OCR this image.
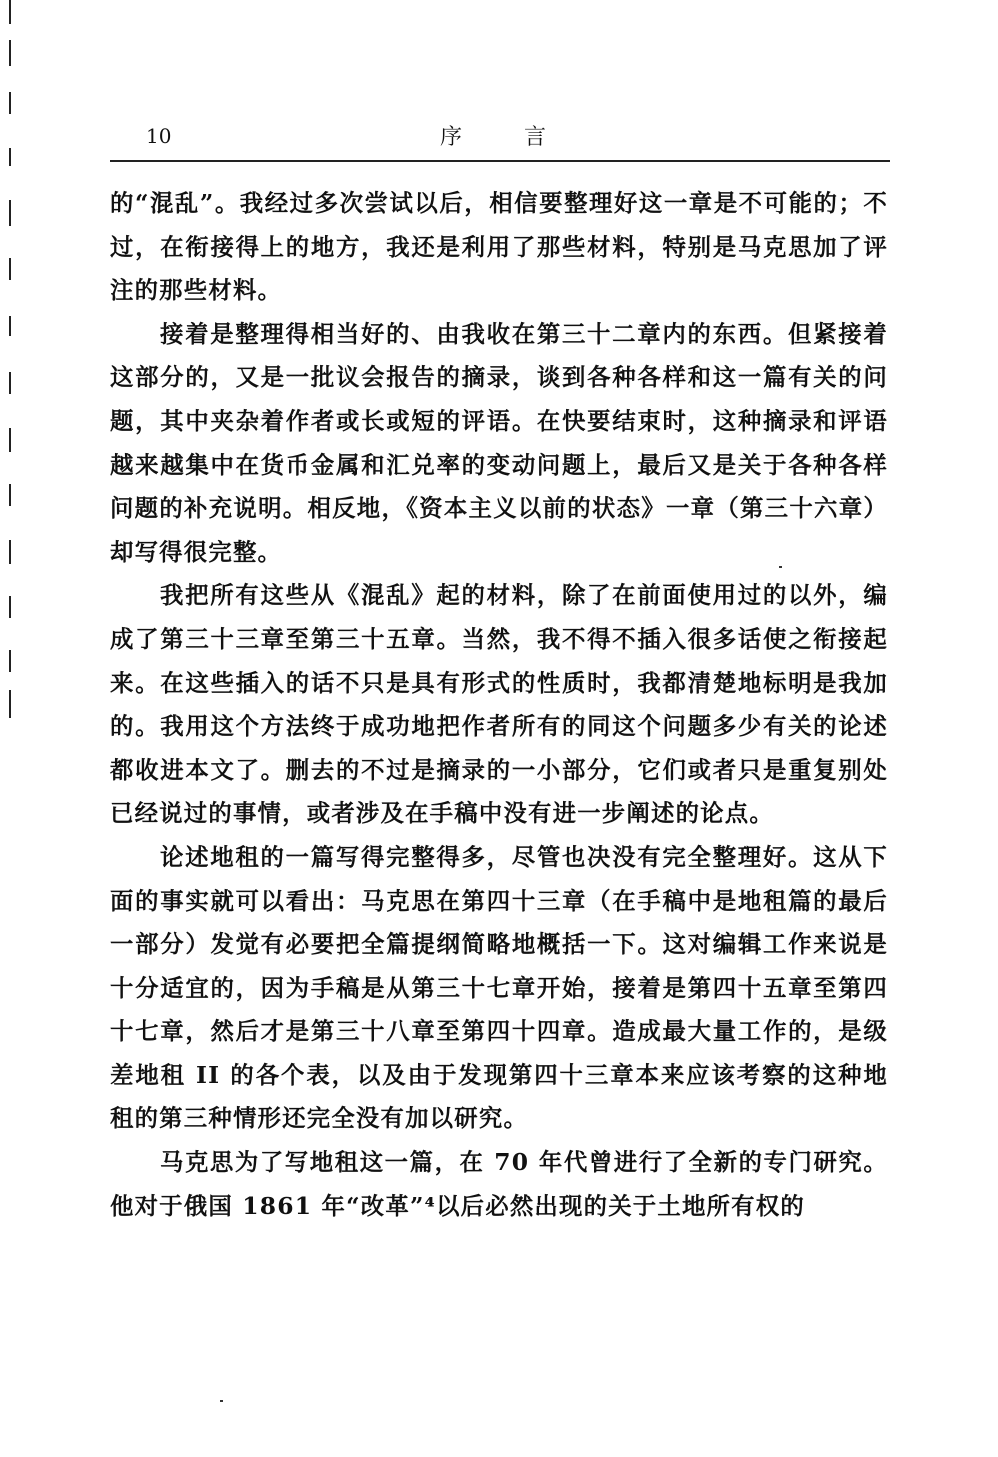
10	序言

的“混乱”。我经过多次尝试以后，相信要整理好这一章是不可能的；不过，在衔接得上的地方，我还是利用了那些材料，特别是马克思加了评注的那些材料。

接着是整理得相当好的、由我收在第三十二章内的东西。但紧接着这部分的，又是一批议会报告的摘录，谈到各种各样和这一篇有关的问题，其中夹杂着作者或长或短的评语。在快要结束时，这种摘录和评语越来越集中在货币金属和汇兑率的变动问题上，最后又是关于各种各样问题的补充说明。相反地，《资本主义以前的状态》一章（第三十六章）却写得很完整。

我把所有这些从《混乱》起的材料，除了在前面使用过的以外，编成了第三十三章至第三十五章。当然，我不得不插入很多话使之衔接起来。在这些插入的话不只是具有形式的性质时，我都清楚地标明是我加的。我用这个方法终于成功地把作者所有的同这个问题多少有关的论述都收进本文了。删去的不过是摘录的一小部分，它们或者只是重复别处已经说过的事情，或者涉及在手稿中没有进一步阐述的论点。

论述地租的一篇写得完整得多，尽管也决没有完全整理好。这从下面的事实就可以看出：马克思在第四十三章（在手稿中是地租篇的最后一部分）发觉有必要把全篇提纲简略地概括一下。这对编辑工作来说是十分适宜的，因为手稿是从第三十七章开始，接着是第四十五章至第四十七章，然后才是第三十八章至第四十四章。造成最大量工作的，是级差地租 II 的各个表，以及由于发现第四十三章本来应该考察的这种地租的第三种情形还完全没有加以研究。

马克思为了写地租这一篇，在 70 年代曾进行了全新的专门研究。他对于俄国 1861 年“改革”⁴以后必然出现的关于土地所有权的
